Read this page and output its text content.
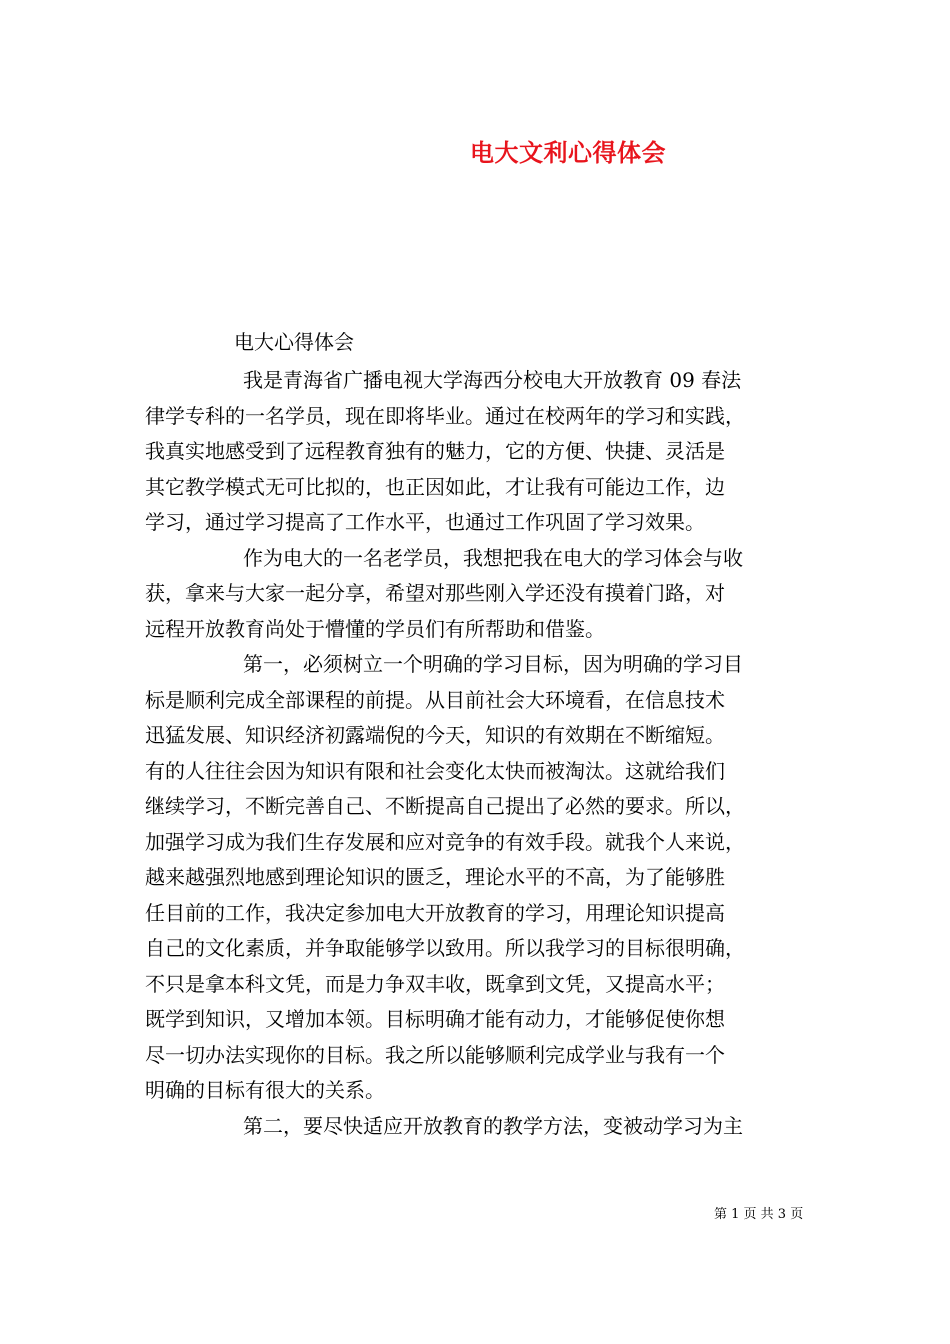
电大文利心得体会

电大心得体会

我是青海省广播电视大学海西分校电大开放教育 09 春法
律学专科的一名学员，现在即将毕业。通过在校两年的学习和实践，
我真实地感受到了远程教育独有的魅力，它的方便、快捷、灵活是
其它教学模式无可比拟的，也正因如此，才让我有可能边工作，边
学习，通过学习提高了工作水平，也通过工作巩固了学习效果。
作为电大的一名老学员，我想把我在电大的学习体会与收
获，拿来与大家一起分享，希望对那些刚入学还没有摸着门路，对
远程开放教育尚处于懵懂的学员们有所帮助和借鉴。
第一，必须树立一个明确的学习目标，因为明确的学习目
标是顺利完成全部课程的前提。从目前社会大环境看，在信息技术
迅猛发展、知识经济初露端倪的今天，知识的有效期在不断缩短。
有的人往往会因为知识有限和社会变化太快而被淘汰。这就给我们
继续学习，不断完善自己、不断提高自己提出了必然的要求。所以，
加强学习成为我们生存发展和应对竞争的有效手段。就我个人来说，
越来越强烈地感到理论知识的匮乏，理论水平的不高，为了能够胜
任目前的工作，我决定参加电大开放教育的学习，用理论知识提高
自己的文化素质，并争取能够学以致用。所以我学习的目标很明确，
不只是拿本科文凭，而是力争双丰收，既拿到文凭，又提高水平；
既学到知识，又增加本领。目标明确才能有动力，才能够促使你想
尽一切办法实现你的目标。我之所以能够顺利完成学业与我有一个
明确的目标有很大的关系。
第二，要尽快适应开放教育的教学方法，变被动学习为主
第 1 页 共 3 页
